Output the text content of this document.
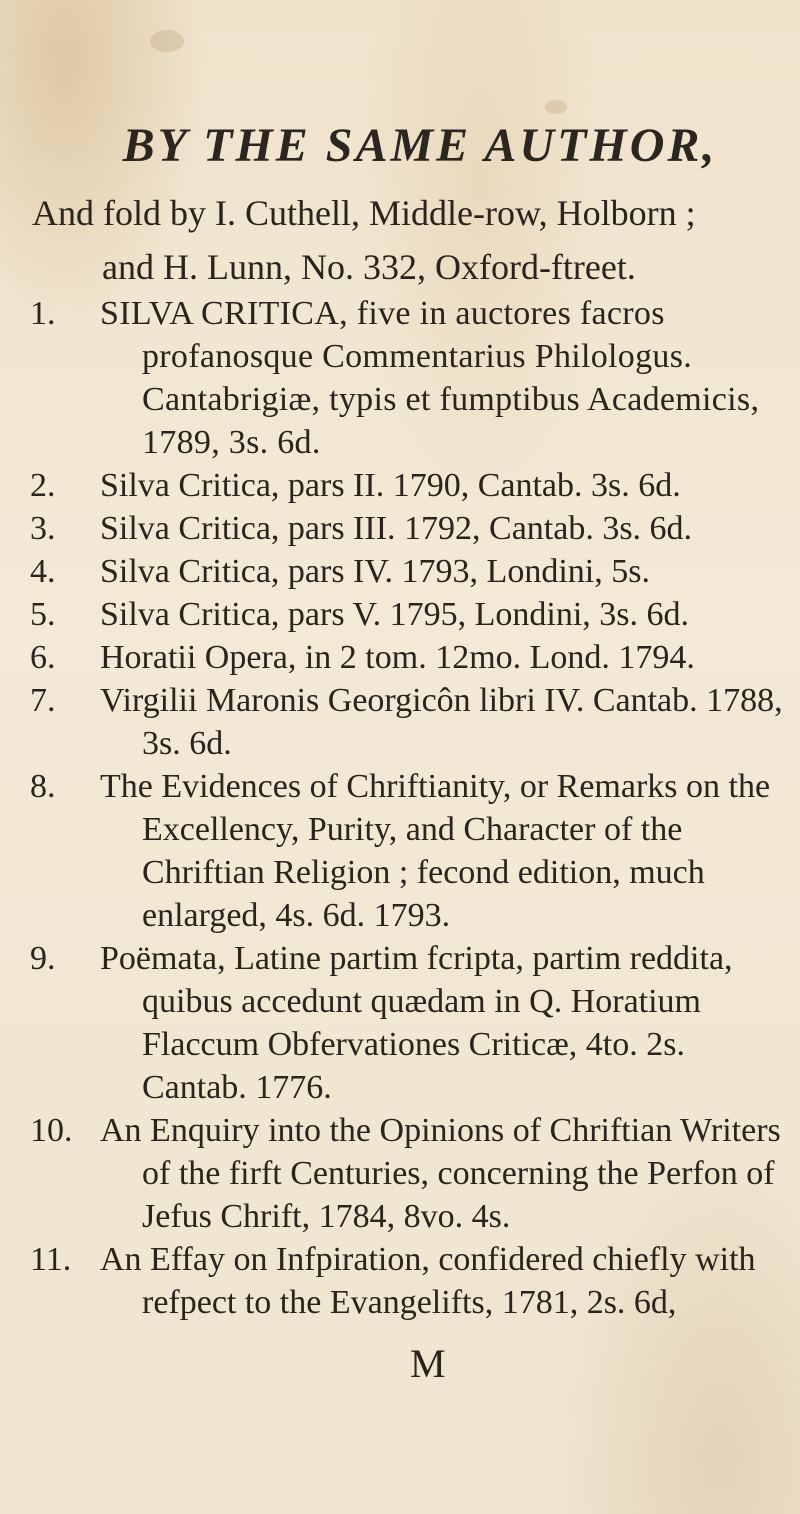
BY THE SAME AUTHOR,

And fold by I. Cuthell, Middle-row, Holborn ;
and H. Lunn, No. 332, Oxford-ftreet.

1.	SILVA CRITICA, five in auctores facros profanosque Commentarius Philologus. Cantabrigiæ, typis et fumptibus Academicis, 1789, 3s. 6d.
2.	Silva Critica, pars II. 1790, Cantab. 3s. 6d.
3.	Silva Critica, pars III. 1792, Cantab. 3s. 6d.
4.	Silva Critica, pars IV. 1793, Londini, 5s.
5.	Silva Critica, pars V. 1795, Londini, 3s. 6d.
6.	Horatii Opera, in 2 tom. 12mo. Lond. 1794.
7.	Virgilii Maronis Georgicôn libri IV. Cantab. 1788, 3s. 6d.
8.	The Evidences of Chriftianity, or Remarks on the Excellency, Purity, and Character of the Chriftian Religion ; fecond edition, much enlarged, 4s. 6d. 1793.
9.	Poëmata, Latine partim fcripta, partim reddita, quibus accedunt quædam in Q. Horatium Flaccum Obfervationes Criticæ, 4to. 2s. Cantab. 1776.
10. An Enquiry into the Opinions of Chriftian Writers of the firft Centuries, concerning the Perfon of Jefus Chrift, 1784, 8vo. 4s.
11. An Effay on Infpiration, confidered chiefly with refpect to the Evangelifts, 1781, 2s. 6d,

M
